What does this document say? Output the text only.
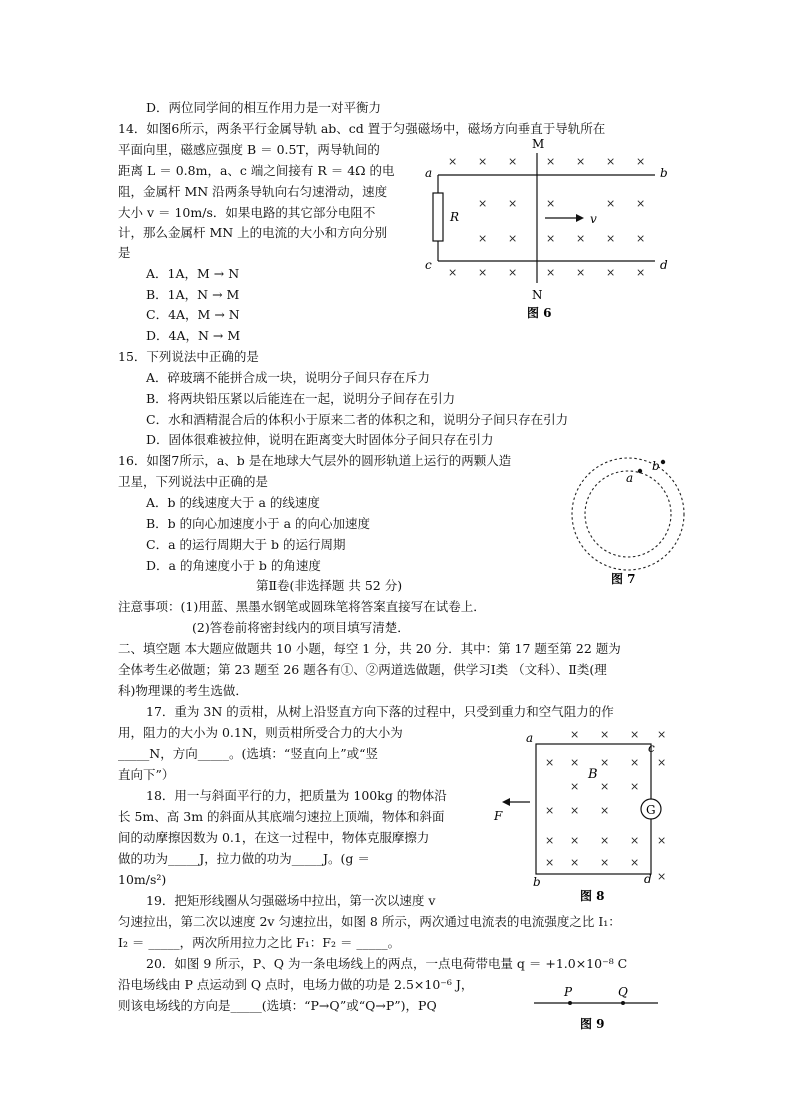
D．两位同学间的相互作用力是一对平衡力
14．如图6所示，两条平行金属导轨 ab、cd 置于匀强磁场中，磁场方向垂直于导轨所在
平面向里，磁感应强度 B ＝ 0.5T，两导轨间的
距离 L ＝ 0.8m，a、c 端之间接有 R ＝ 4Ω 的电
阻，金属杆 MN 沿两条导轨向右匀速滑动，速度
大小 v ＝ 10m/s．如果电路的其它部分电阻不
计，那么金属杆 MN 上的电流的大小和方向分别
是
A．1A，M → N
B．1A，N → M
C．4A，M → N
D．4A，N → M
M
N
R
a	b
c	d
v
× × ×	× × × ×
× ×	×	× ×
× ×	× × × ×
× × ×	× × × ×
图 6
15．下列说法中正确的是
A．碎玻璃不能拼合成一块，说明分子间只存在斥力
B．将两块铅压紧以后能连在一起，说明分子间存在引力
C．水和酒精混合后的体积小于原来二者的体积之和，说明分子间只存在引力
D．固体很难被拉伸，说明在距离变大时固体分子间只存在引力
16．如图7所示，a、b 是在地球大气层外的圆形轨道上运行的两颗人造
卫星，下列说法中正确的是
A．b 的线速度大于 a 的线速度
B．b 的向心加速度小于 a 的向心加速度
C．a 的运行周期大于 b 的运行周期
D．a 的角速度小于 b 的角速度
a
b
图 7
第Ⅱ卷(非选择题 共 52 分)
注意事项：(1)用蓝、黑墨水钢笔或圆珠笔将答案直接写在试卷上．
(2)答卷前将密封线内的项目填写清楚．
二、填空题 本大题应做题共 10 小题，每空 1 分，共 20 分．其中：第 17 题至第 22 题为
全体考生必做题；第 23 题至 26 题各有①、②两道选做题，供学习Ⅰ类 （文科）、Ⅱ类(理
科)物理课的考生选做．
17．重为 3N 的贡柑，从树上沿竖直方向下落的过程中，只受到重力和空气阻力的作
用，阻力的大小为 0.1N，则贡柑所受合力的大小为
_____N，方向_____。(选填：“竖直向上”或“竖
直向下”）
18．用一与斜面平行的力，把质量为 100kg 的物体沿
长 5m、高 3m 的斜面从其底端匀速拉上顶端，物体和斜面
间的动摩擦因数为 0.1，在这一过程中，物体克服摩擦力
做的功为_____J，拉力做的功为_____J。(g ＝
10m/s²)
G
a
c
b	d
B
F
× × × ×
× × × × ×
× × ×
× × ×
× × × × ×
× × × ×
×
图 8
19．把矩形线圈从匀强磁场中拉出，第一次以速度 v
匀速拉出，第二次以速度 2v 匀速拉出，如图 8 所示，两次通过电流表的电流强度之比 I₁：
I₂ ＝ _____，两次所用拉力之比 F₁：F₂ ＝ _____。
20．如图 9 所示，P、Q 为一条电场线上的两点，一点电荷带电量 q ＝ +1.0×10⁻⁸ C
沿电场线由 P 点运动到 Q 点时，电场力做的功是 2.5×10⁻⁶ J，
则该电场线的方向是_____(选填：“P→Q”或“Q→P”)，PQ
P	Q
图 9
